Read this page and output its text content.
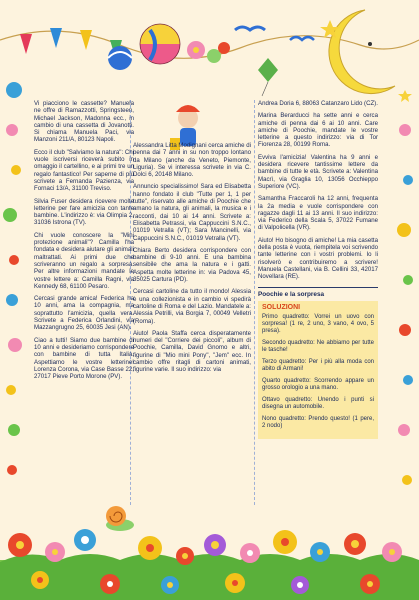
Vi piacciono le cassette? Manuela ne offre di Ramazzotti, Springsteen, Michael Jackson, Madonna ecc., in cambio di una cassetta di Jovanotti. Si chiama Manuela Paci, via Manzoni 211/A, 80123 Napoli.

Ecco il club "Salviamo la natura": Chi vuole iscriversi riceverà subito in omaggio il cartellino, e ai primi tre un regalo fantastico! Per saperne di più scrivete a Fernanda Pazienza, via Fornaci 13/A, 31100 Treviso.

Silvia Fuser desidera ricevere molte letterine per fare amicizia con tante bambine. L'indirizzo è: via Olimpia 2, 31036 Istrona (TV).

Chi vuole conoscere la "Mini protezione animali"? Camilla l'ha fondata e desidera aiutare gli animali maltrattati. Ai primi due che scriveranno un regalo a sorpresa. Per altre informazioni mandate le vostre lettere a: Camilla Ragni, via Kennedy 68, 61100 Pesaro.

Cercasi grande amica! Federica ha 10 anni, ama la compagnia, ma soprattutto l'amicizia, quella vera. Scrivete a Federica Orlandini, via Mazzangrugno 25, 60035 Jesi (AN).

Ciao a tutti! Siamo due bambine di 10 anni e desideriamo corrispondere con bambine di tutta Italia. Aspettiamo le vostre letterine! Lorenza Corona, via Case Basse 22, 27017 Pieve Porto Morone (PV).

Alessandra Litta Modignani cerca amiche di penna dai 7 anni in su non troppo lontano da Milano (anche da Veneto, Piemonte, Liguria). Se vi interessa scrivete in via C. Dolci 6, 20148 Milano.

Annuncio specialissimo! Sara ed Elisabetta hanno fondato il club "Tutte per 1, 1 per tutte", riservato alle amiche di Poochie che amano la natura, gli animali, la musica e i racconti, dai 10 ai 14 anni. Scrivete a: Elisabetta Petrassi, via Cappuccini S.N.C., 01019 Vetralla (VT); Sara Mancinelli, via Cappuccini S.N.C., 01019 Vetralla (VT).

Chiara Berto desidera corrispondere con bambine di 9-10 anni. E una bambina sensibile che ama la natura e i gatti. Aspetta molte letterine in: via Padova 45, 35025 Cartura (PD).

Cercasi cartoline da tutto il mondo! Alessia è una collezionista e in cambio vi spedirà cartoline di Roma e del Lazio. Mandatele a: Alessia Petrilli, via Borgia 7, 00049 Velletri (Roma).

Aiuto! Paola Staffa cerca disperatamente numeri del "Corriere dei piccoli", album di Poochie, Camilla, David Gnomo e altri, figurine di "Mio mini Pony", "Jem" ecc. In cambio offre ritagli di cartoni animati, figurine varie. Il suo indirizzo: via

Andrea Doria 6, 88063 Catanzaro Lido (CZ).

Marina Berarducci ha sette anni e cerca amiche di penna dai 6 ai 10 anni. Care amiche di Poochie, mandate le vostre letterine a questo indirizzo: via di Tor Fiorenza 28, 00199 Roma.

Evviva l'amicizia! Valentina ha 9 anni e desidera ricevere tantissime lettere da bambine di tutte le età. Scrivete a: Valentina Macrì, via Graglia 10, 13056 Occhieppo Superiore (VC).

Samantha Fraccaroli ha 12 anni, frequenta la 2a media e vuole corrispondere con ragazze dagli 11 ai 13 anni. Il suo indirizzo: via Federico della Scala 5, 37022 Fumane di Valpolicella (VR).

Aiuto! Ho bisogno di amiche! La mia casetta della posta è vuota, riempitela voi scrivendo tante letterine con i vostri problemi. Io li risolverò e contribuiremo a scrivere! Manuela Castellani, via B. Cellini 33, 42017 Novellara (RE).

Poochie e la sorpresa
SOLUZIONI

Primo quadretto: Vorrei un uovo con sorpresa! (1 re, 2 uno, 3 vano, 4 ovo, 5 presa).

Secondo quadretto: Ne abbiamo per tutte le tasche!

Terzo quadretto: Per i più alla moda con abito di Armani!

Quarto quadretto: Scorrendo appare un grosso orologio a una mano.

Ottavo quadretto: Unendo i punti si disegna un automobile.

Nono quadretto: Prendo questo! (1 pere, 2 nodo)
